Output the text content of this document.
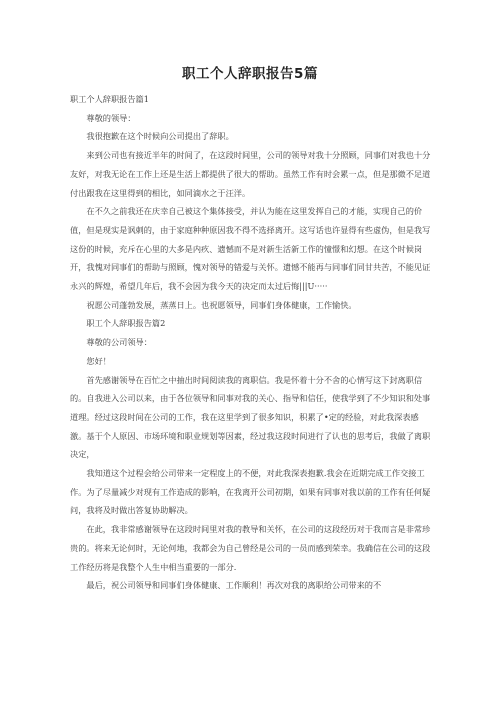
职工个人辞职报告5篇

职工个人辞职报告篇1

尊敬的领导：

我很抱歉在这个时候向公司提出了辞职。

来到公司也有接近半年的时间了，在这段时间里，公司的领导对我十分照顾，同事们对我也十分友好，对我无论在工作上还是生活上都提供了很大的帮助。虽然工作有时会累一点，但是那微不足道付出跟我在这里得到的相比，如同滴水之于汪洋。

在不久之前我还在庆幸自己被这个集体接受，并认为能在这里发挥自己的才能，实现自己的价值，但是现实是讽刺的，由于家庭种种原因我不得不选择离开。这写话也许显得有些虚伪，但是我写这份的时候，充斥在心里的大多是内疚、遗憾而不是对新生活新工作的憧憬和幻想。在这个时候岗开，我愧对同事们的帮助与照顾，愧对领导的错爱与关怀。遗憾不能再与同事们同甘共苦，不能见证永兴的辉煌，希望几年后，我不会因为我今天的决定而太过后悔|||U·····

祝愿公司蓬勃发展，蒸蒸日上。也祝愿领导，同事们身体健康，工作愉快。

职工个人辞职报告篇2

尊敬的公司领导：

您好！

首先感谢领导在百忙之中抽出时间阅读我的离职信。我是怀着十分不舍的心情写这下封离职信的。自我进入公司以来，由于各位领导和同事对我的关心、指导和信任，使我学到了不少知识和处事道理。经过这段时间在公司的工作，我在这里学到了很多知识，积累了•定的经验，对此我深表感激。基于个人原因、市场环境和职业规划等因素，经过我这段时间进行了认也的思考后，我做了离职决定，

我知道这个过程会给公司带来一定程度上的不便，对此我深表抱歉.我会在近期完成工作交接工作。为了尽量减少对现有工作造成的影响，在我离开公司初期，如果有同事对我以前的工作有任何疑问，我将及时做出答复协助解决。

在此，我非常感谢领导在这段时间里对我的教导和关怀，在公司的这段经历对于我而言是非常珍贵的。将来无论何时，无论何地，我都会为自己曾经是公司的一员而感到荣幸。我确信在公司的这段工作经历将是我整个人生中相当重要的一部分.

最后，祝公司领导和同事们身体健康、工作顺利！再次对我的离职给公司带来的不
